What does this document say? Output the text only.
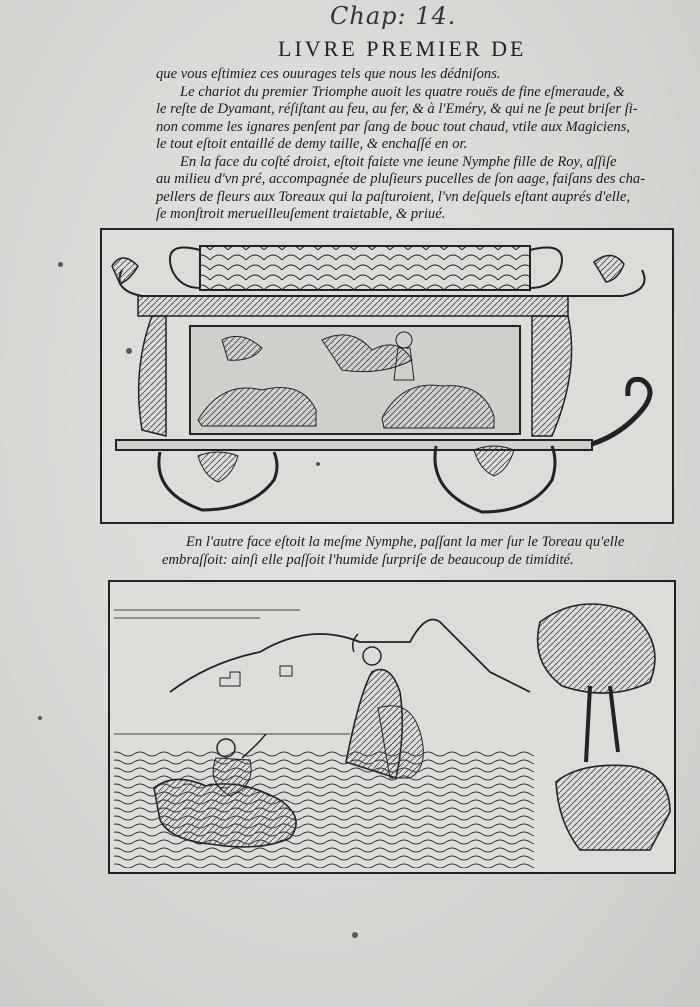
Chap: 14.
LIVRE PREMIER DE
que vous eſtimiez ces ouurages tels que nous les dédniſons.
Le chariot du premier Triomphe auoit les quatre rouës de fine eſmeraude, &
le reſte de Dyamant, réſiſtant au feu, au fer, & à l'Eméry, & qui ne ſe peut briſer ſi-
non comme les ignares penſent par ſang de bouc tout chaud, vtile aux Magiciens,
le tout eſtoit entaillé de demy taille, & enchaſſé en or.
En la face du coſté droiɛt, eſtoit faiɛte vne ieune Nymphe fille de Roy, aſſiſe
au milieu d'vn pré, accompagnée de pluſieurs pucelles de ſon aage, faiſans des cha-
pellers de fleurs aux Toreaux qui la paſturoient, l'vn deſquels eſtant auprés d'elle,
ſe monſtroit merueilleuſement traiɛtable, & priué.
En l'autre face eſtoit la meſme Nymphe, paſſant la mer ſur le Toreau qu'elle
embraſſoit: ainſi elle paſſoit l'humide ſurpriſe de beaucoup de timidité.
